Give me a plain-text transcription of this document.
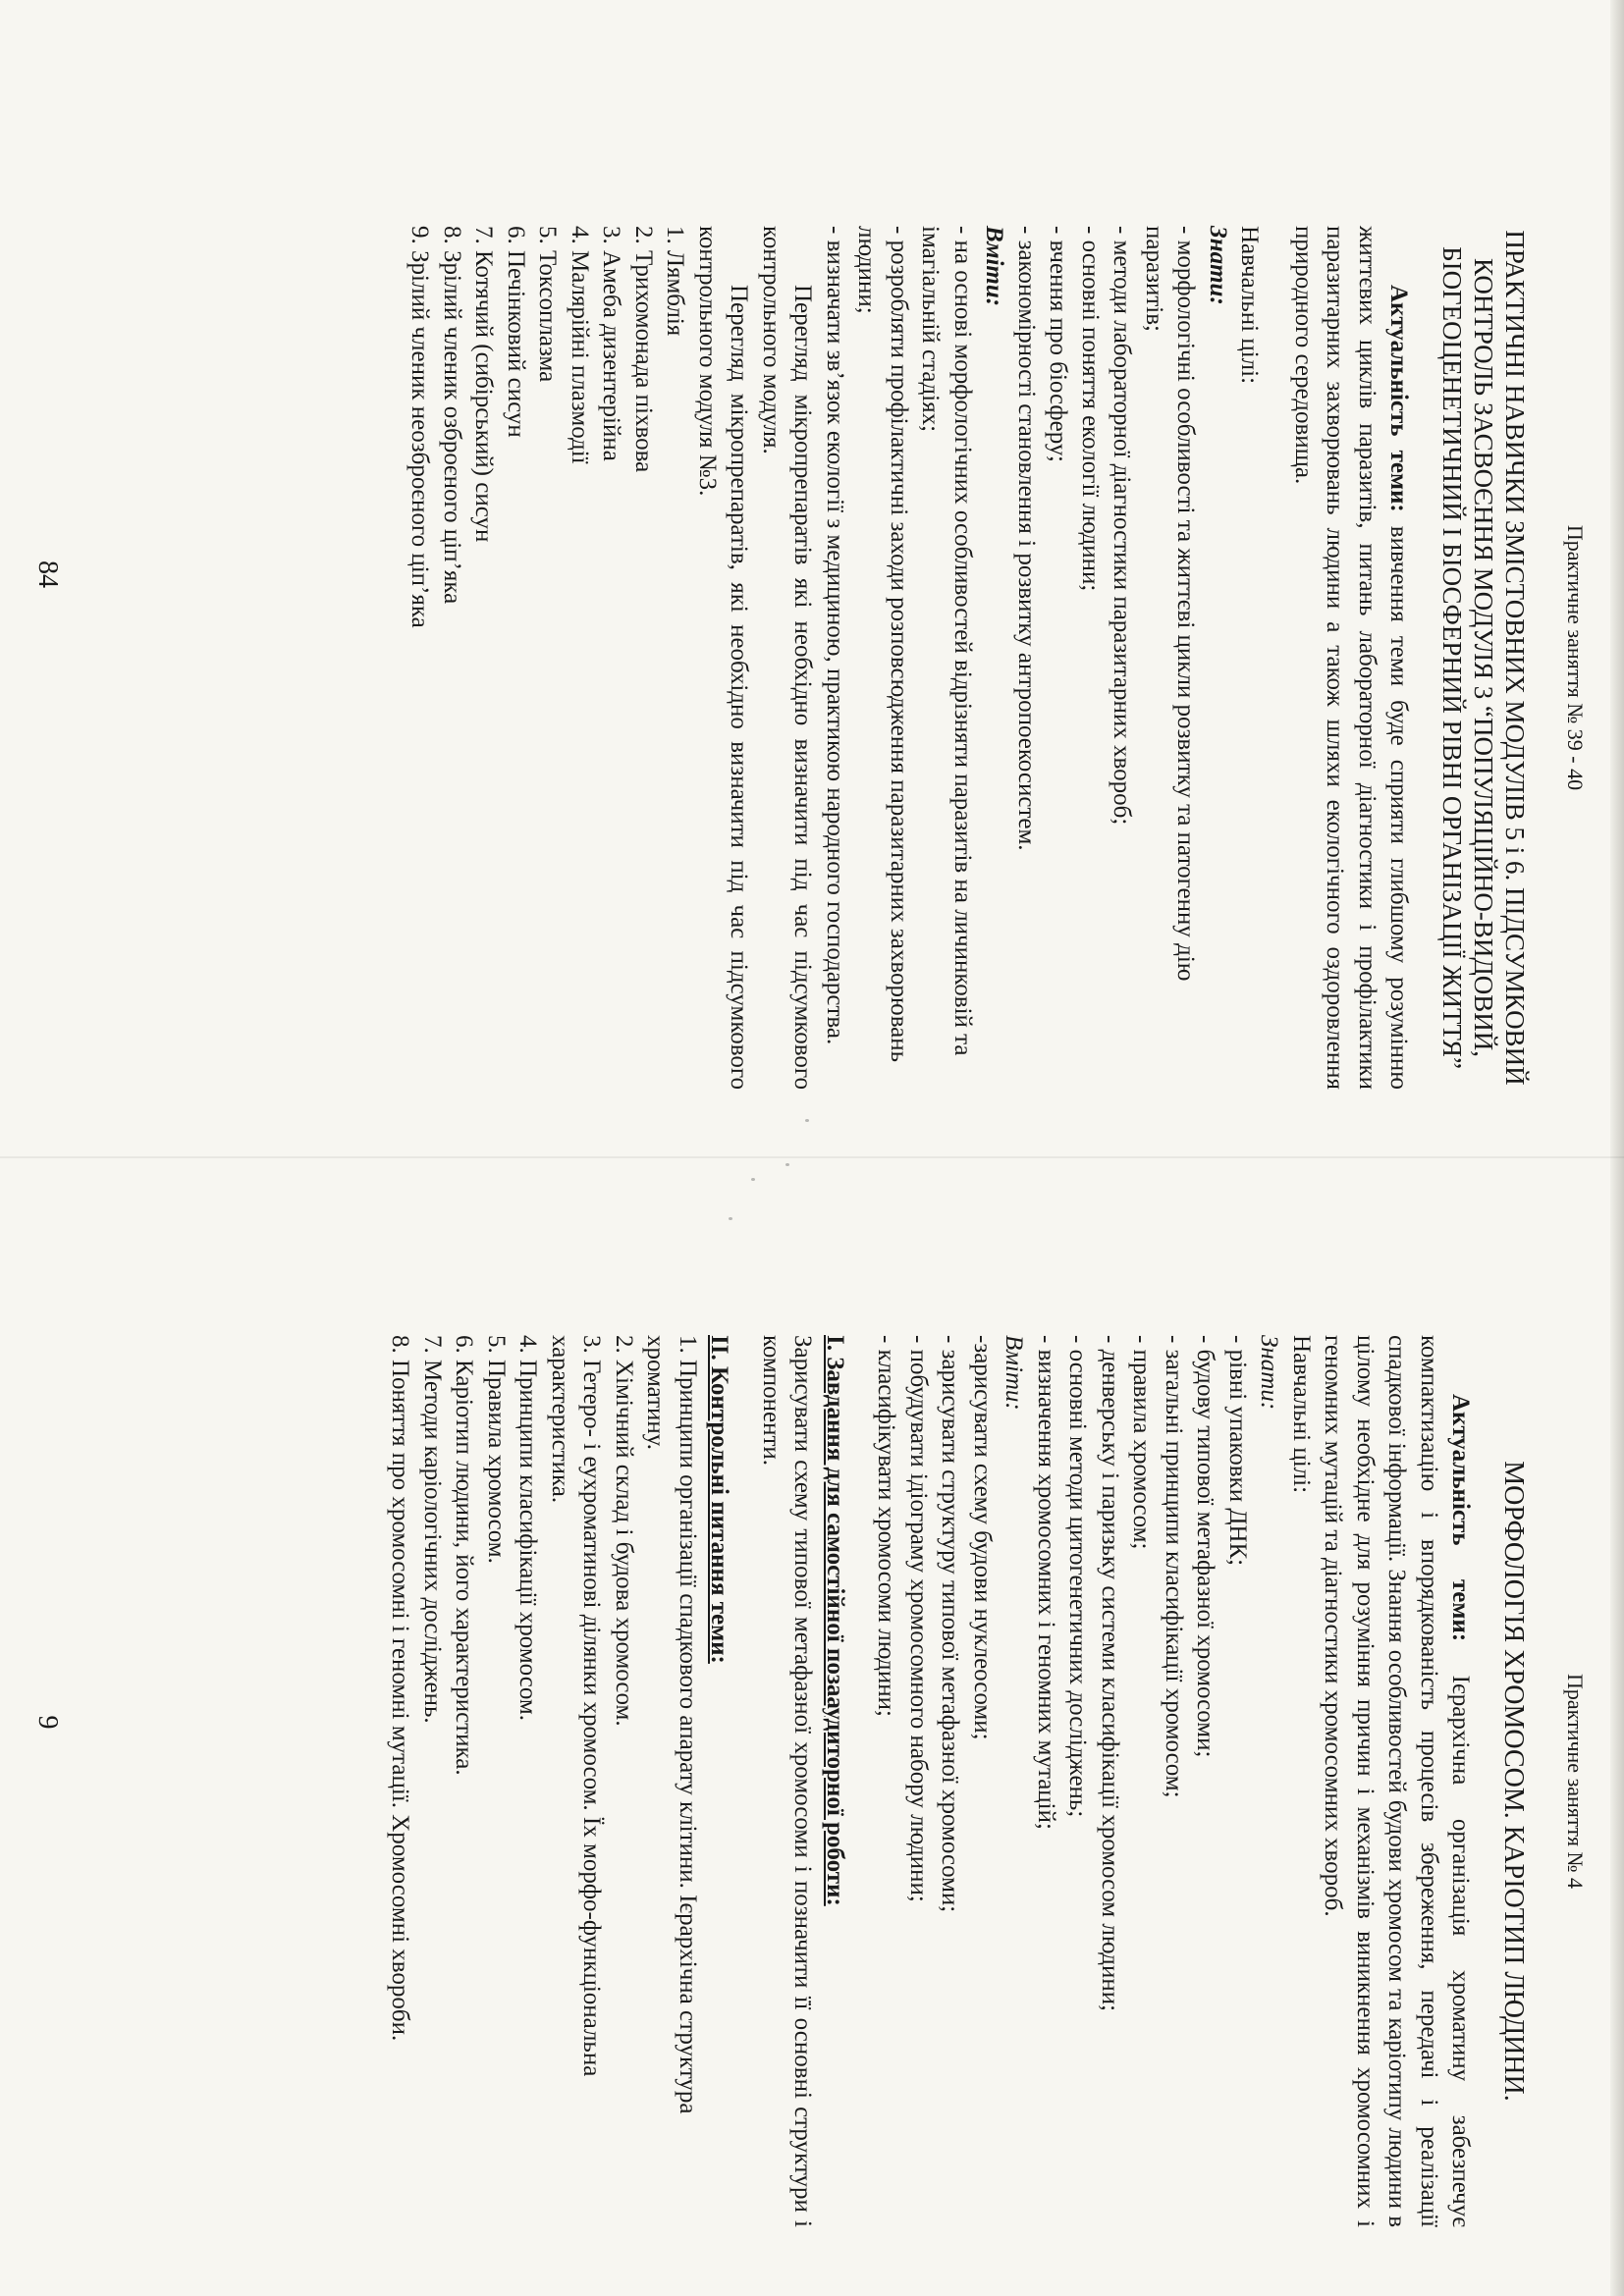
Практичне заняття № 39 - 40
ПРАКТИЧНІ НАВИЧКИ ЗМІСТОВНИХ МОДУЛІВ 5 і 6. ПІДСУМКОВИЙ КОНТРОЛЬ ЗАСВОЄННЯ МОДУЛЯ 3 “ПОПУЛЯЦІЙНО-ВИДОВИЙ, БІОГЕОЦЕНЕТИЧНИЙ І БІОСФЕРНИЙ РІВНІ ОРГАНІЗАЦІЇ ЖИТТЯ”

Актуальність теми: вивчення теми буде сприяти глибшому розумінню життєвих циклів паразитів, питань лабораторної діагностики і профілактики паразитарних захворювань людини а також шляхи екологічного оздоровлення природного середовища.

Навчальні цілі:

Знати:

- морфологічні особливості та життєві цикли розвитку та патогенну дію паразитів;
- методи лабораторної діагностики паразитарних хвороб;
- основні поняття екології людини;
- вчення про біосферу;
- закономірності становлення і розвитку антропоекосистем.

Вміти:

- на основі морфологічних особливостей відрізняти паразитів на личинковій та імагіальній стадіях;
- розробляти профілактичні заходи розповсюдження паразитарних захворювань людини;
- визначати зв’язок екології з медициною, практикою народного господарства.

Перегляд мікропрепаратів які необхідно визначити під час підсумкового контрольного модуля.

Перегляд мікропрепаратів, які необхідно визначити під час підсумкового контрольного модуля №3.

1. Лямблія
2. Трихомонада піхвова
3. Амеба дизентерійна
4. Малярійні плазмодії
5. Токсоплазма
6. Печінковий сисун
7. Котячий (сибірський) сисун
8. Зрілий членик озброєного ціп’яка
9. Зрілий членик неозброєного ціп’яка
84
Практичне заняття № 4
МОРФОЛОГІЯ ХРОМОСОМ. КАРІОТИП ЛЮДИНИ.

Актуальність теми: Ієрархічна організація хроматину забезпечує компактизацію і впорядкованість процесів збереження, передачі і реалізації спадкової інформації. Знання особливостей будови хромосом та каріотипу людини в цілому необхідне для розуміння причин і механізмів виникнення хромосомних і геномних мутацій та діагностики хромосомних хвороб.

Навчальні цілі:

Знати:

- рівні упаковки ДНК;
- будову типової метафазної хромосоми;
- загальні принципи класифікації хромосом;
- правила хромосом;
- денверську і паризьку системи класифікації хромосом людини;
- основні методи цитогенетичних досліджень;
- визначення хромосомних і геномних мутацій;

Вміти:

-зарисувати схему будови нуклеосоми;
- зарисувати структуру типової метафазної хромосоми;
- побудувати ідіограму хромосомного набору людини;
- класифікувати хромосоми людини;

I. Завдання для самостійної позааудиторної роботи:

Зарисувати схему типової метафазної хромосоми і позначити її основні структури і компоненти.

II. Контрольні питання теми:

1. Принципи організації спадкового апарату клітини. Ієрархічна структура хроматину.
2. Хімічний склад і будова хромосом.
3. Гетеро- і еухроматинові ділянки хромосом. Їх морфо-функціональна характеристика.
4. Принципи класифікації хромосом.
5. Правила хромосом.
6. Каріотип людини, його характеристика.
7. Методи каріологічних досліджень.
8. Поняття про хромосомні і геномні мутації. Хромосомні хвороби.
9
